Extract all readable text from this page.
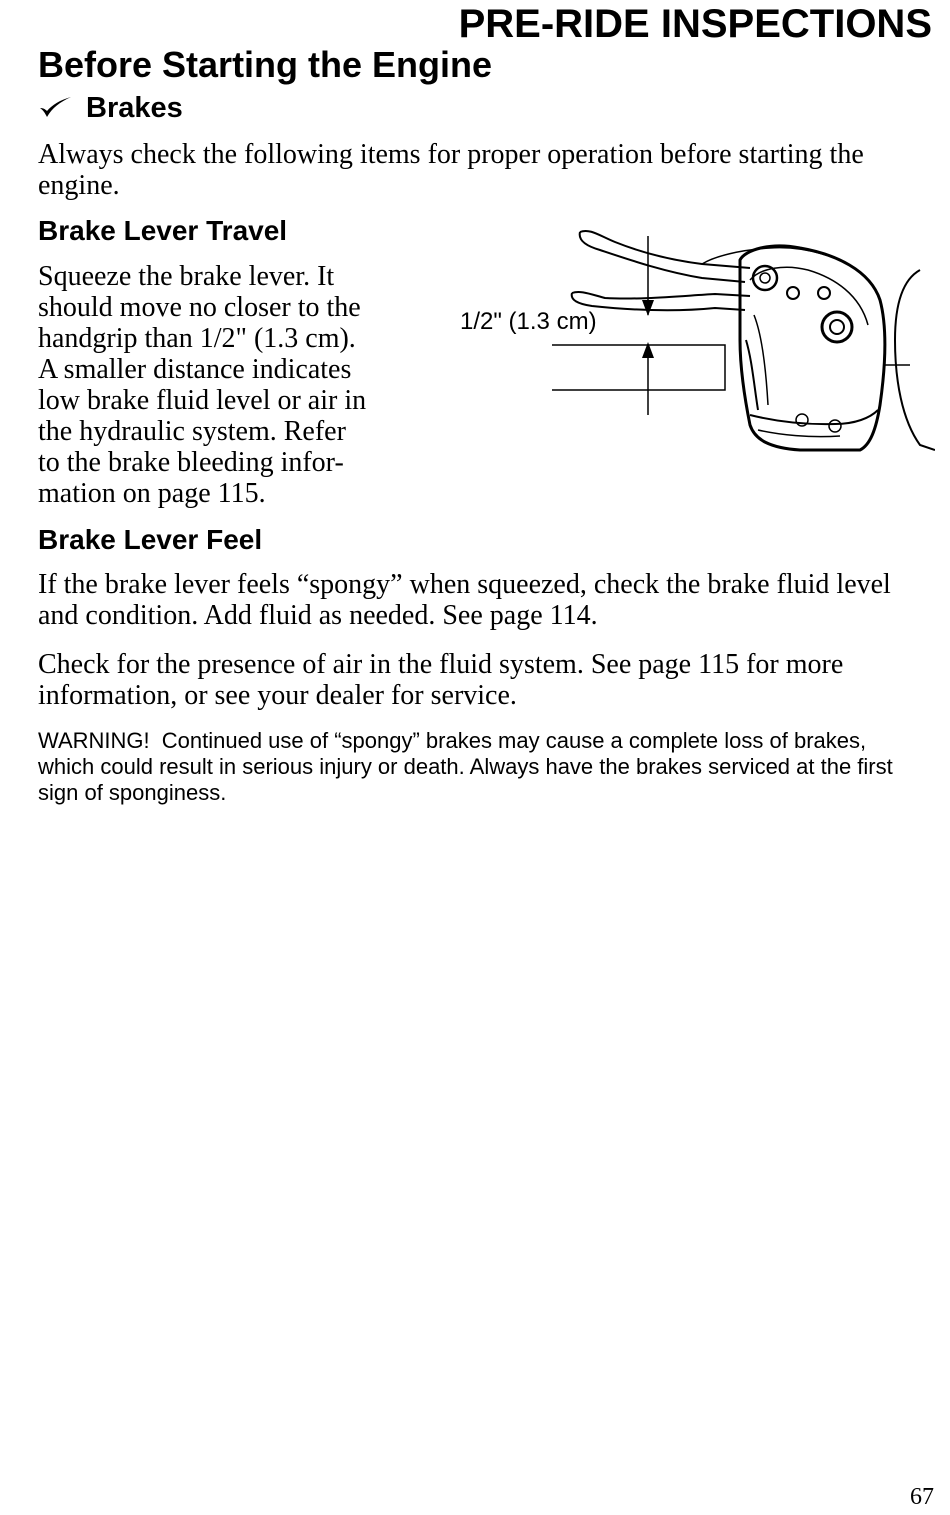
PRE-RIDE INSPECTIONS
Before Starting the Engine
Brakes

Always check the following items for proper operation before starting the engine.

Brake Lever Travel

Squeeze the brake lever. It
should move no closer to the
handgrip than 1/2" (1.3 cm).
A smaller distance indicates
low brake fluid level or air in
the hydraulic system. Refer
to the brake bleeding infor-
mation on page 115.

1/2" (1.3 cm)
Brake Lever Feel

If the brake lever feels “spongy” when squeezed, check the brake fluid level and condition. Add fluid as needed. See page 114.

Check for the presence of air in the fluid system. See page 115 for more information, or see your dealer for service.

WARNING! Continued use of “spongy” brakes may cause a complete loss of brakes, which could result in serious injury or death. Always have the brakes serviced at the first sign of sponginess.

67
